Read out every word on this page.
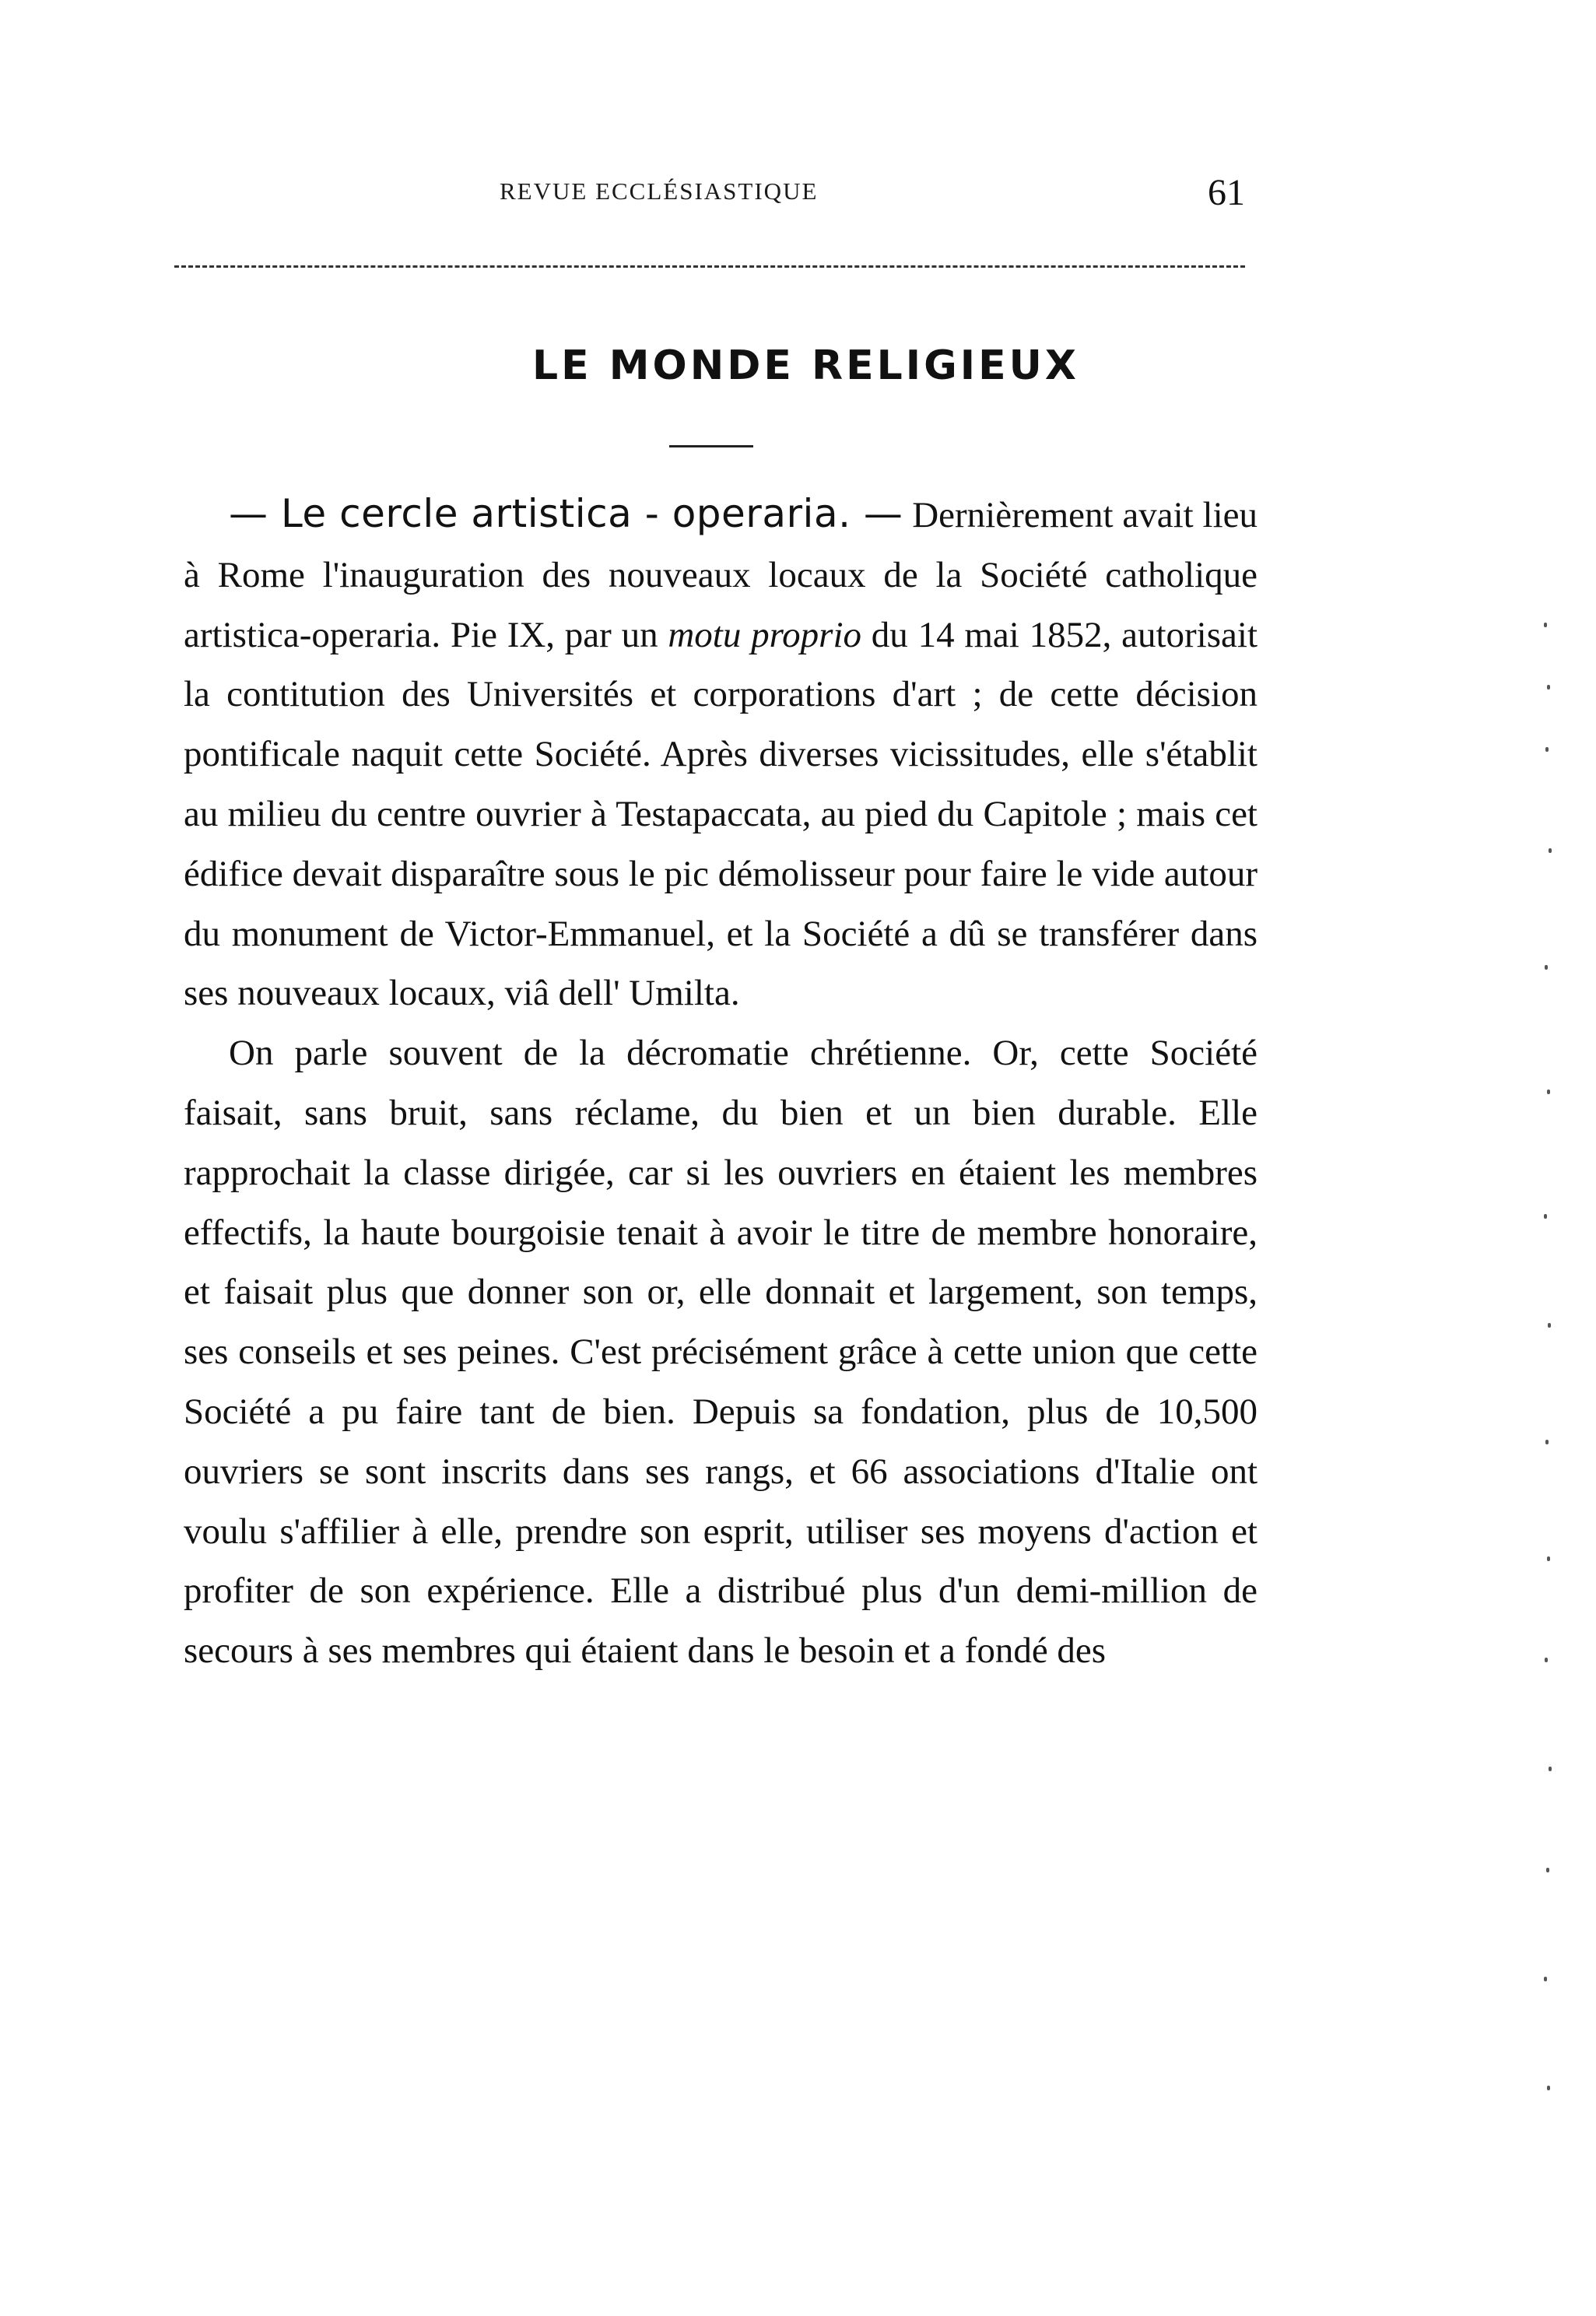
REVUE ECCLÉSIASTIQUE	61
LE MONDE RELIGIEUX

— Le cercle artistica - operaria. — Dernièrement avait lieu à Rome l'inauguration des nouveaux locaux de la Société catholique artistica-operaria. Pie IX, par un motu proprio du 14 mai 1852, autorisait la contitution des Universités et corporations d'art ; de cette décision pontificale naquit cette Société. Après diverses vicissitudes, elle s'établit au milieu du centre ouvrier à Testapaccata, au pied du Capitole ; mais cet édifice devait disparaître sous le pic démolisseur pour faire le vide autour du monument de Victor-Emmanuel, et la Société a dû se transférer dans ses nouveaux locaux, viâ dell' Umilta.

On parle souvent de la décromatie chrétienne. Or, cette Société faisait, sans bruit, sans réclame, du bien et un bien durable. Elle rapprochait la classe dirigée, car si les ouvriers en étaient les membres effectifs, la haute bourgoisie tenait à avoir le titre de membre honoraire, et faisait plus que donner son or, elle donnait et largement, son temps, ses conseils et ses peines. C'est précisément grâce à cette union que cette Société a pu faire tant de bien. Depuis sa fondation, plus de 10,500 ouvriers se sont inscrits dans ses rangs, et 66 associations d'Italie ont voulu s'affilier à elle, prendre son esprit, utiliser ses moyens d'action et profiter de son expérience. Elle a distribué plus d'un demi-million de secours à ses membres qui étaient dans le besoin et a fondé des
